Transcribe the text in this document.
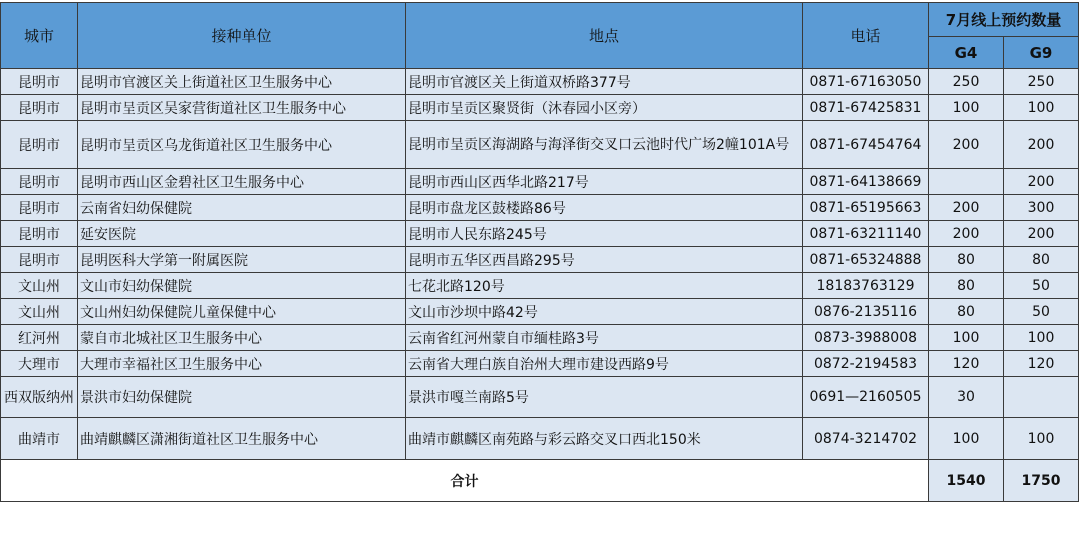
城市	接种单位	地点	电话	7月线上预约数量	
				G4	G9
昆明市	昆明市官渡区关上街道社区卫生服务中心	昆明市官渡区关上街道双桥路377号	0871-67163050	250	250
昆明市	昆明市呈贡区吴家营街道社区卫生服务中心	昆明市呈贡区聚贤街（沐春园小区旁）	0871-67425831	100	100
昆明市	昆明市呈贡区乌龙街道社区卫生服务中心	昆明市呈贡区海湖路与海泽街交叉口云池时代广场2幢101A号	0871-67454764	200	200
昆明市	昆明市西山区金碧社区卫生服务中心	昆明市西山区西华北路217号	0871-64138669		200
昆明市	云南省妇幼保健院	昆明市盘龙区鼓楼路86号	0871-65195663	200	300
昆明市	延安医院	昆明市人民东路245号	0871-63211140	200	200
昆明市	昆明医科大学第一附属医院	昆明市五华区西昌路295号	0871-65324888	80	80
文山州	文山市妇幼保健院	七花北路120号	18183763129	80	50
文山州	文山州妇幼保健院儿童保健中心	文山市沙坝中路42号	0876-2135116	80	50
红河州	蒙自市北城社区卫生服务中心	云南省红河州蒙自市缅桂路3号	0873-3988008	100	100
大理市	大理市幸福社区卫生服务中心	云南省大理白族自治州大理市建设西路9号	0872-2194583	120	120
西双版纳州	景洪市妇幼保健院	景洪市嘎兰南路5号	0691—2160505	30	
曲靖市	曲靖麒麟区潇湘街道社区卫生服务中心	曲靖市麒麟区南苑路与彩云路交叉口西北150米	0874-3214702	100	100
合计				1540	1750
